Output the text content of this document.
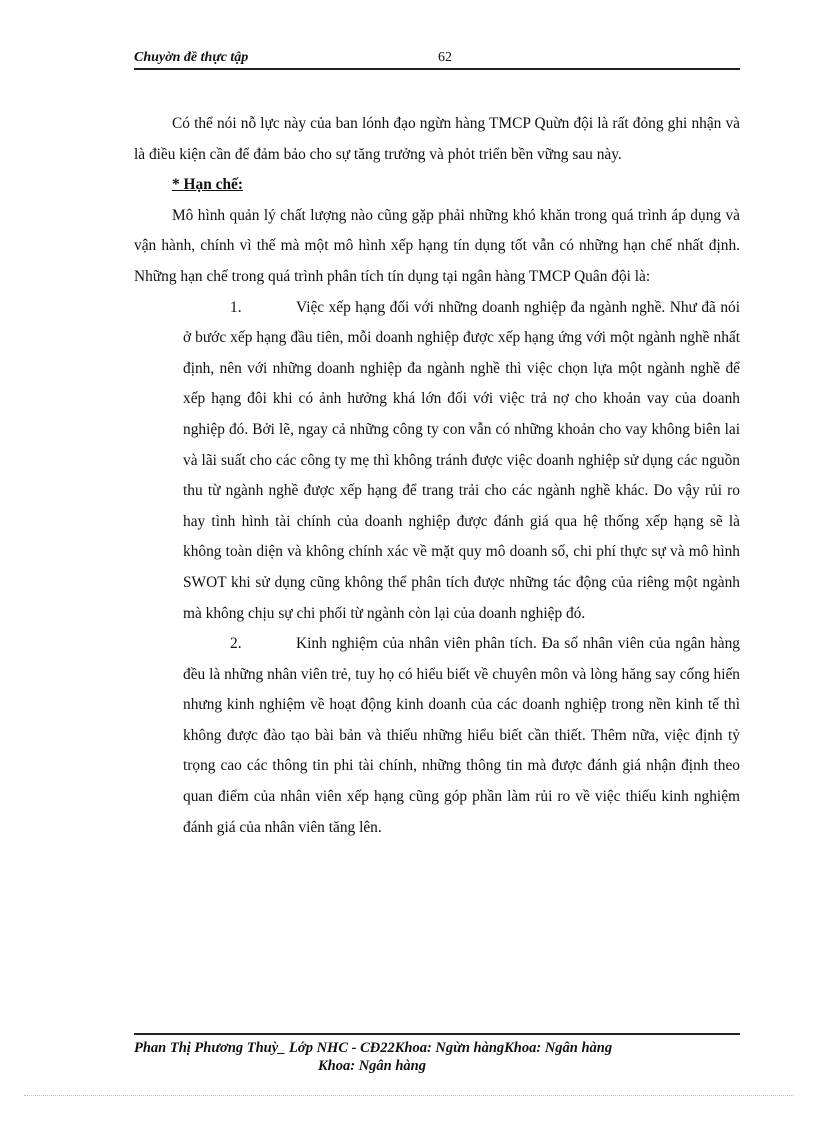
Chuyờn đề thực tập	62

Có thể nói nỗ lực này của ban lónh đạo ngừn hàng TMCP Quừn đội là rất đỏng ghi nhận và là điều kiện cần để đảm bảo cho sự tăng trưởng và phỏt triển bền vững sau này.

* Hạn chế:

Mô hình quản lý chất lượng nào cũng gặp phải những khó khăn trong quá trình áp dụng và vận hành, chính vì thế mà một mô hình xếp hạng tín dụng tốt vẫn có những hạn chế nhất định. Những hạn chế trong quá trình phân tích tín dụng tại ngân hàng TMCP Quân đội là:

1.	Việc xếp hạng đối với những doanh nghiệp đa ngành nghề. Như đã nói ở bước xếp hạng đầu tiên, mỗi doanh nghiệp được xếp hạng ứng với một ngành nghề nhất định, nên với những doanh nghiệp đa ngành nghề thì việc chọn lựa một ngành nghề để xếp hạng đôi khi có ảnh hưởng khá lớn đối với việc trả nợ cho khoản vay của doanh nghiệp đó. Bởi lẽ, ngay cả những công ty con vẫn có những khoản cho vay không biên lai và lãi suất cho các công ty mẹ thì không tránh được việc doanh nghiệp sử dụng các nguồn thu từ ngành nghề được xếp hạng để trang trải cho các ngành nghề khác. Do vậy rủi ro hay tình hình tài chính của doanh nghiệp được đánh giá qua hệ thống xếp hạng sẽ là không toàn diện và không chính xác về mặt quy mô doanh số, chi phí thực sự và mô hình SWOT khi sử dụng cũng không thể phân tích được những tác động của riêng một ngành mà không chịu sự chi phối từ ngành còn lại của doanh nghiệp đó.

2.	Kinh nghiệm của nhân viên phân tích. Đa số nhân viên của ngân hàng đều là những nhân viên trẻ, tuy họ có hiểu biết về chuyên môn và lòng hăng say cống hiến nhưng kinh nghiệm về hoạt động kinh doanh của các doanh nghiệp trong nền kinh tế thì không được đào tạo bài bản và thiếu những hiểu biết cần thiết. Thêm nữa, việc định tỷ trọng cao các thông tin phi tài chính, những thông tin mà được đánh giá nhận định theo quan điểm của nhân viên xếp hạng cũng góp phần làm rủi ro về việc thiếu kinh nghiệm đánh giá của nhân viên tăng lên.

Phan Thị Phương Thuỳ_ Lớp NHC - CĐ22Khoa: Ngừn hàngKhoa: Ngân hàng
Khoa: Ngân hàng
